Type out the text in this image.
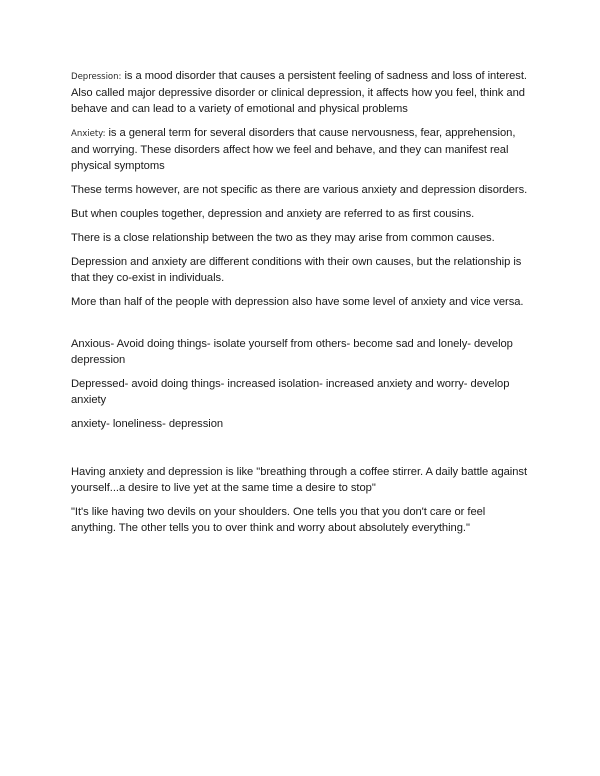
Depression: is a mood disorder that causes a persistent feeling of sadness and loss of interest. Also called major depressive disorder or clinical depression, it affects how you feel, think and behave and can lead to a variety of emotional and physical problems

Anxiety: is a general term for several disorders that cause nervousness, fear, apprehension, and worrying. These disorders affect how we feel and behave, and they can manifest real physical symptoms

These terms however, are not specific as there are various anxiety and depression disorders.

But when couples together, depression and anxiety are referred to as first cousins.

There is a close relationship between the two as they may arise from common causes.

Depression and anxiety are different conditions with their own causes, but the relationship is that they co-exist in individuals.

More than half of the people with depression also have some level of anxiety and vice versa.

Anxious- Avoid doing things- isolate yourself from others- become sad and lonely- develop depression

Depressed- avoid doing things- increased isolation- increased anxiety and worry- develop anxiety

anxiety- loneliness- depression

Having anxiety and depression is like "breathing through a coffee stirrer. A daily battle against yourself...a desire to live yet at the same time a desire to stop"

"It's like having two devils on your shoulders. One tells you that you don't care or feel anything. The other tells you to over think and worry about absolutely everything."
